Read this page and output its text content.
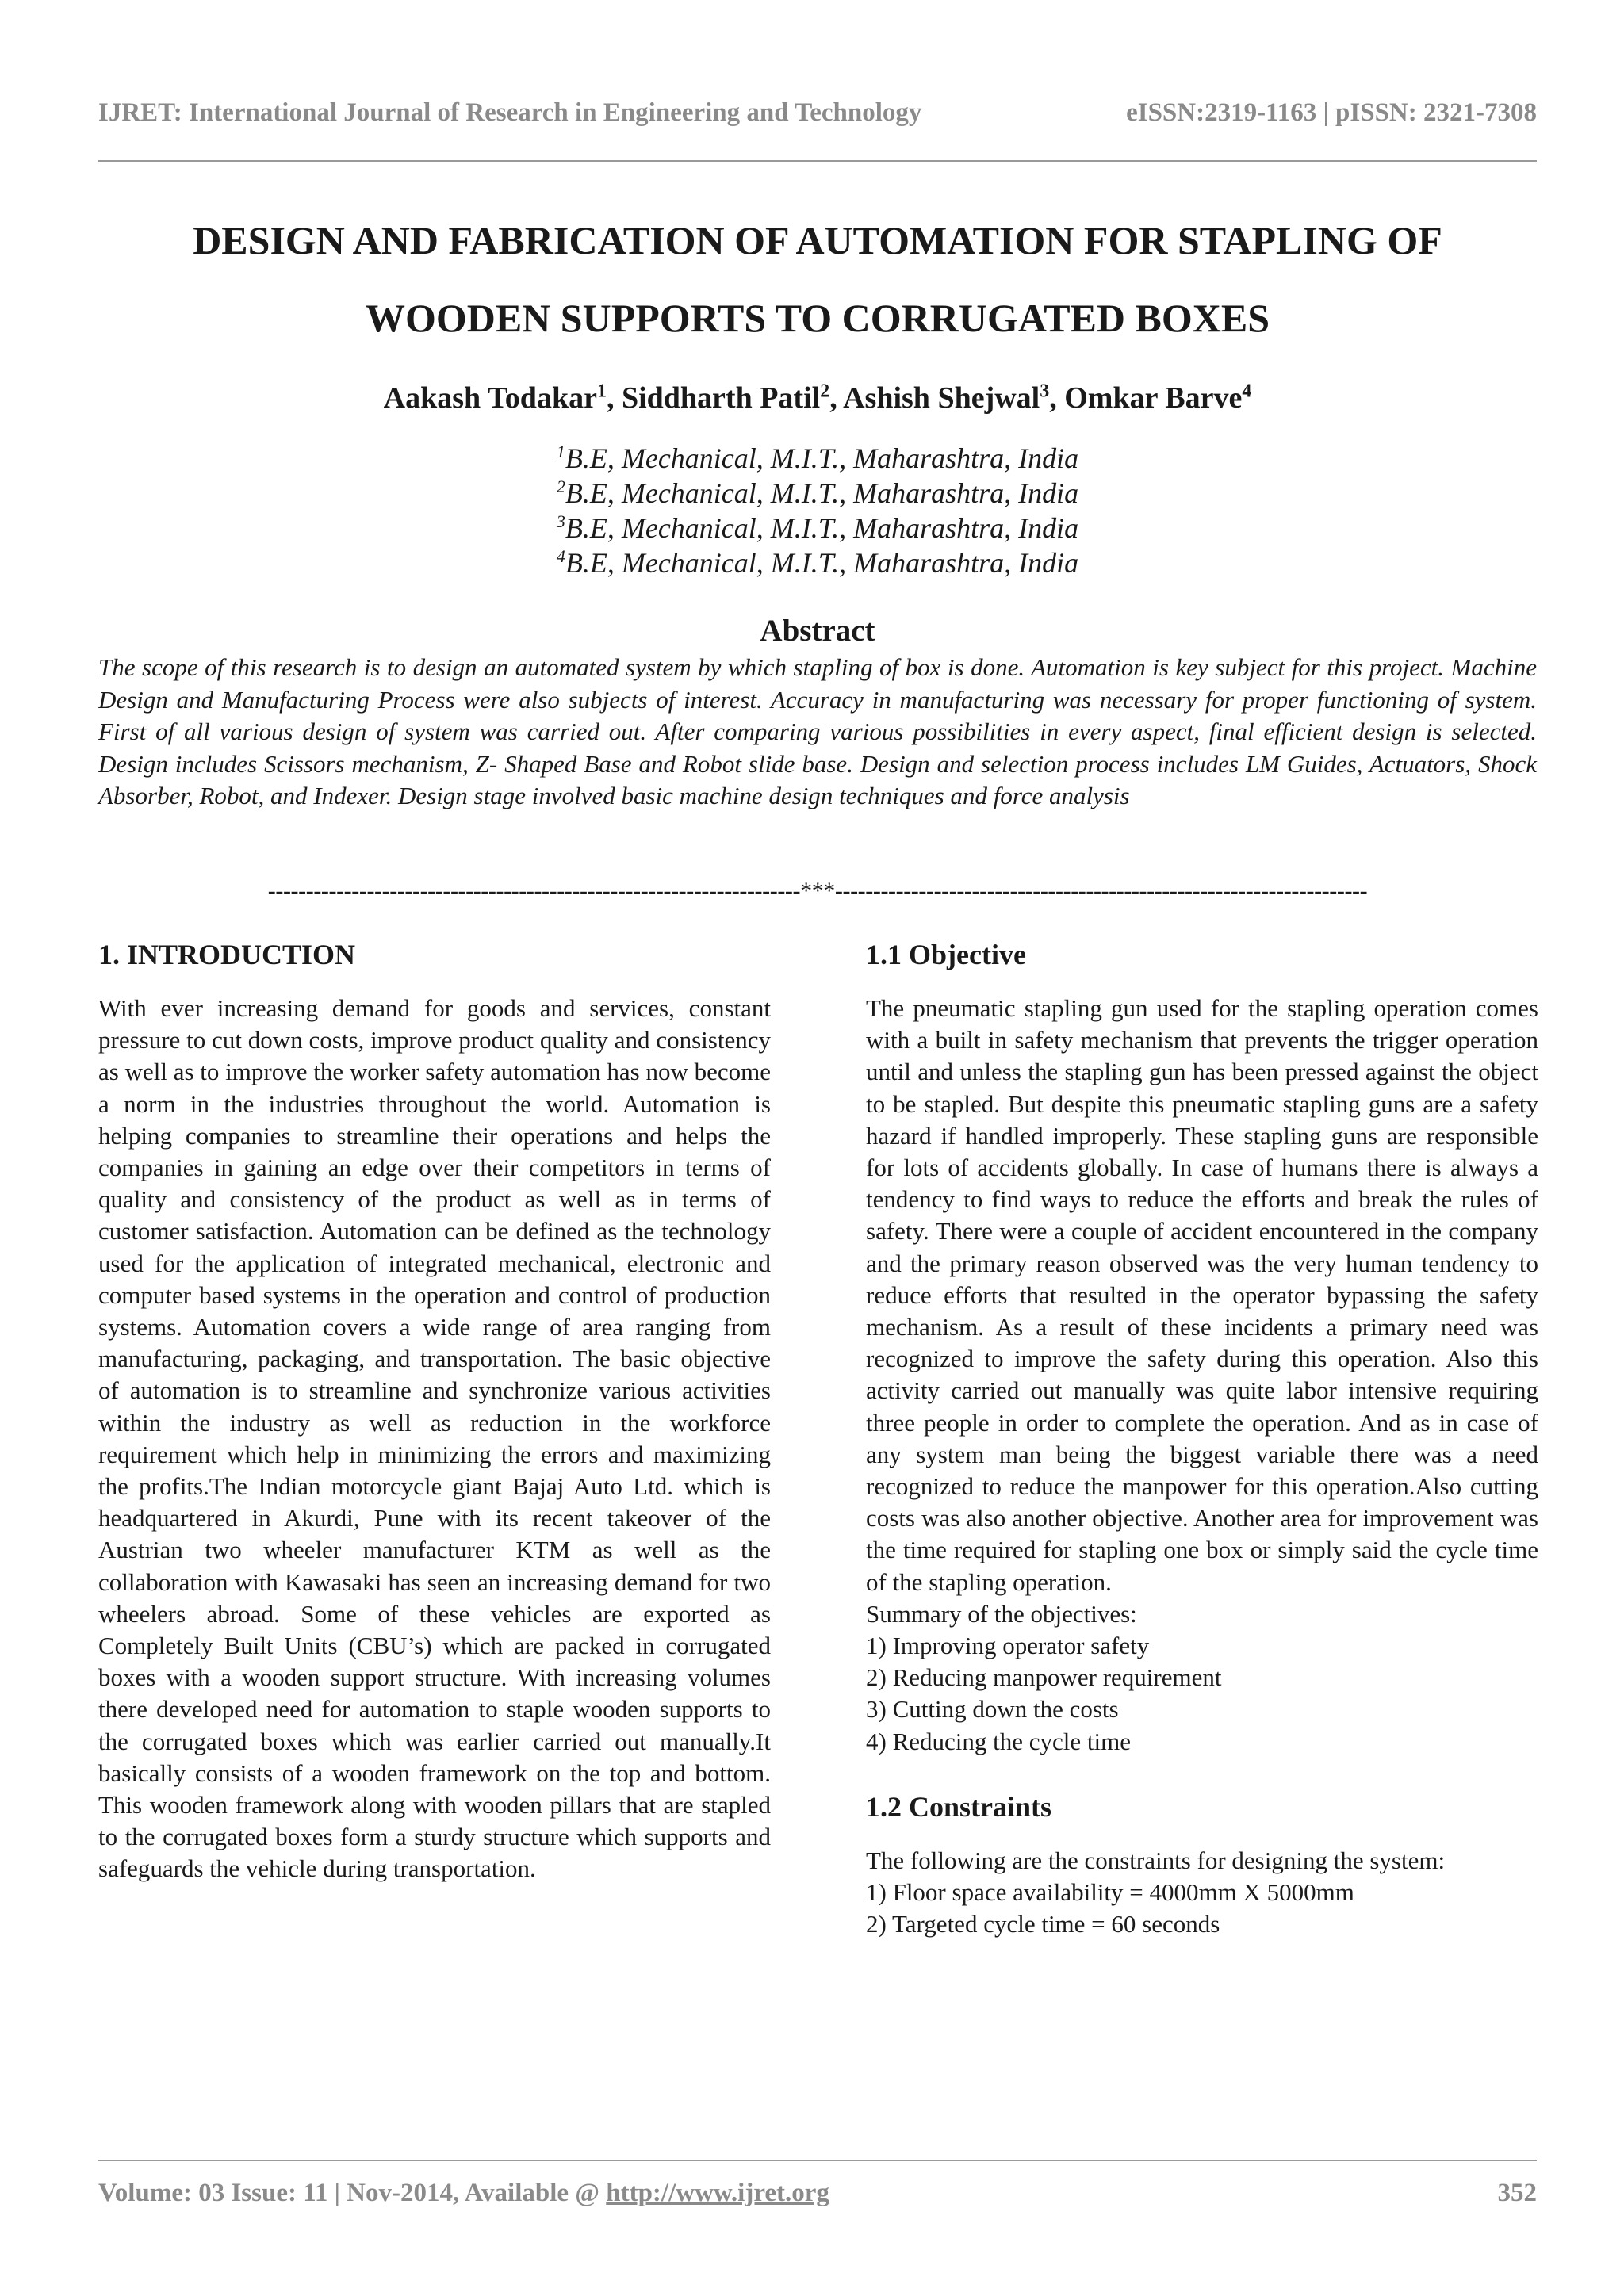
IJRET: International Journal of Research in Engineering and Technology	eISSN:2319-1163 | pISSN: 2321-7308
DESIGN AND FABRICATION OF AUTOMATION FOR STAPLING OF
WOODEN SUPPORTS TO CORRUGATED BOXES
Aakash Todakar$^1$, Siddharth Patil$^2$, Ashish Shejwal$^3$, Omkar Barve$^4$
$^1$B.E, Mechanical, M.I.T., Maharashtra, India
$^2$B.E, Mechanical, M.I.T., Maharashtra, India
$^3$B.E, Mechanical, M.I.T., Maharashtra, India
$^4$B.E, Mechanical, M.I.T., Maharashtra, India
Abstract
The scope of this research is to design an automated system by which stapling of box is done. Automation is key subject for this project. Machine Design and Manufacturing Process were also subjects of interest. Accuracy in manufacturing was necessary for proper functioning of system. First of all various design of system was carried out. After comparing various possibilities in every aspect, final efficient design is selected. Design includes Scissors mechanism, Z- Shaped Base and Robot slide base. Design and selection process includes LM Guides, Actuators, Shock Absorber, Robot, and Indexer. Design stage involved basic machine design techniques and force analysis
----------------------------------------------------------------------***----------------------------------------------------------------------
1. INTRODUCTION

With ever increasing demand for goods and services, constant pressure to cut down costs, improve product quality and consistency as well as to improve the worker safety automation has now become a norm in the industries throughout the world. Automation is helping companies to streamline their operations and helps the companies in gaining an edge over their competitors in terms of quality and consistency of the product as well as in terms of customer satisfaction. Automation can be defined as the technology used for the application of integrated mechanical, electronic and computer based systems in the operation and control of production systems. Automation covers a wide range of area ranging from manufacturing, packaging, and transportation. The basic objective of automation is to streamline and synchronize various activities within the industry as well as reduction in the workforce requirement which help in minimizing the errors and maximizing the profits.The Indian motorcycle giant Bajaj Auto Ltd. which is headquartered in Akurdi, Pune with its recent takeover of the Austrian two wheeler manufacturer KTM as well as the collaboration with Kawasaki has seen an increasing demand for two wheelers abroad. Some of these vehicles are exported as Completely Built Units (CBU’s) which are packed in corrugated boxes with a wooden support structure. With increasing volumes there developed need for automation to staple wooden supports to the corrugated boxes which was earlier carried out manually.It basically consists of a wooden framework on the top and bottom. This wooden framework along with wooden pillars that are stapled to the corrugated boxes form a sturdy structure which supports and safeguards the vehicle during transportation.

1.1 Objective

The pneumatic stapling gun used for the stapling operation comes with a built in safety mechanism that prevents the trigger operation until and unless the stapling gun has been pressed against the object to be stapled. But despite this pneumatic stapling guns are a safety hazard if handled improperly. These stapling guns are responsible for lots of accidents globally. In case of humans there is always a tendency to find ways to reduce the efforts and break the rules of safety. There were a couple of accident encountered in the company and the primary reason observed was the very human tendency to reduce efforts that resulted in the operator bypassing the safety mechanism. As a result of these incidents a primary need was recognized to improve the safety during this operation. Also this activity carried out manually was quite labor intensive requiring three people in order to complete the operation. And as in case of any system man being the biggest variable there was a need recognized to reduce the manpower for this operation.Also cutting costs was also another objective. Another area for improvement was the time required for stapling one box or simply said the cycle time of the stapling operation.

Summary of the objectives:
1) Improving operator safety
2) Reducing manpower requirement
3) Cutting down the costs
4) Reducing the cycle time
1.2 Constraints
The following are the constraints for designing the system:
1) Floor space availability = 4000mm X 5000mm
2) Targeted cycle time = 60 seconds
Volume: 03 Issue: 11 | Nov-2014, Available @ http://www.ijret.org	352
